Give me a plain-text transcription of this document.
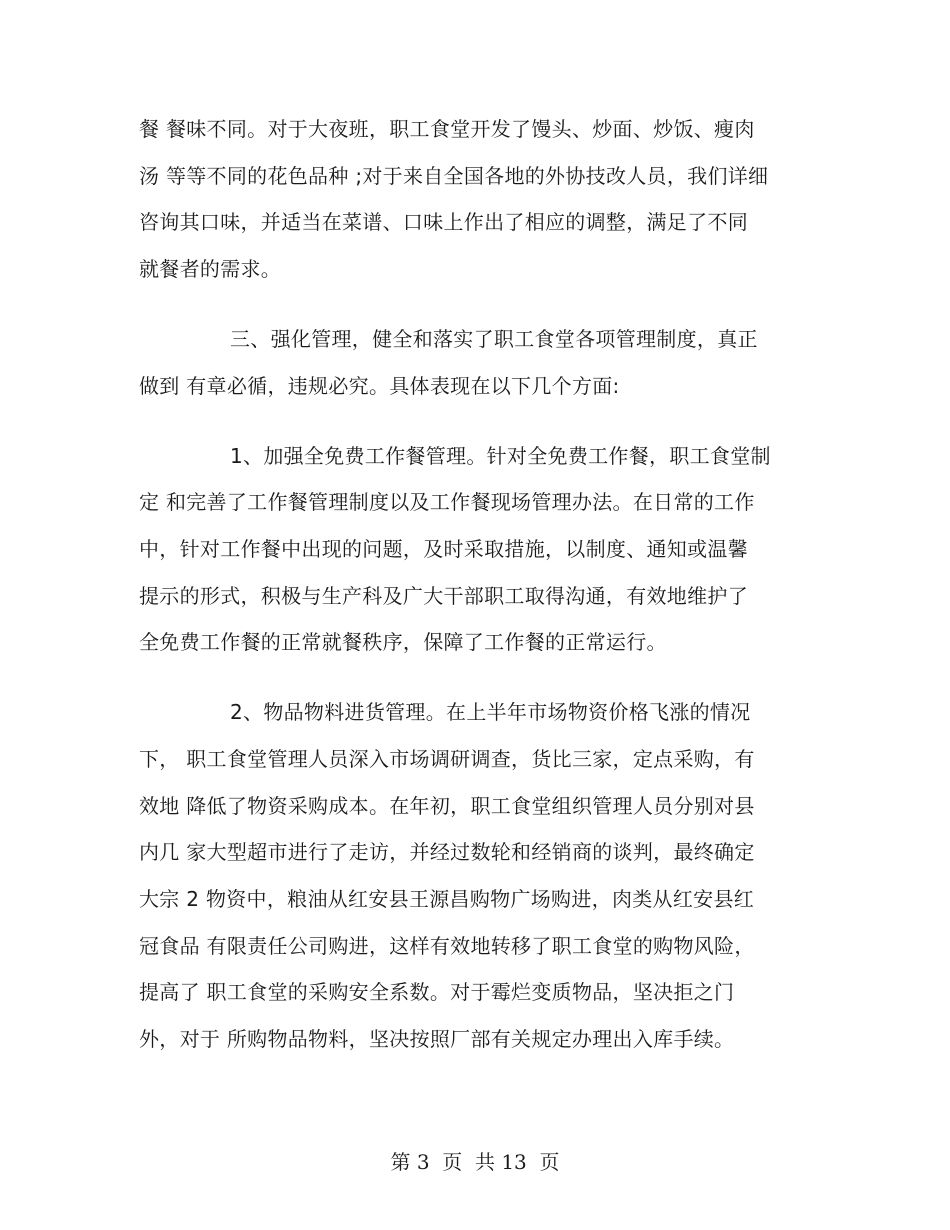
餐 餐味不同。对于大夜班，职工食堂开发了馒头、炒面、炒饭、瘦肉
汤 等等不同的花色品种 ;对于来自全国各地的外协技改人员，我们详细
咨询其口味，并适当在菜谱、口味上作出了相应的调整，满足了不同
就餐者的需求。
三、强化管理，健全和落实了职工食堂各项管理制度，真正
做到 有章必循，违规必究。具体表现在以下几个方面:
1、加强全免费工作餐管理。针对全免费工作餐，职工食堂制
定 和完善了工作餐管理制度以及工作餐现场管理办法。在日常的工作
中，针对工作餐中出现的问题，及时采取措施，以制度、通知或温馨
提示的形式，积极与生产科及广大干部职工取得沟通，有效地维护了
全免费工作餐的正常就餐秩序，保障了工作餐的正常运行。
2、物品物料进货管理。在上半年市场物资价格飞涨的情况
下， 职工食堂管理人员深入市场调研调查，货比三家，定点采购，有
效地 降低了物资采购成本。在年初，职工食堂组织管理人员分别对县
内几 家大型超市进行了走访，并经过数轮和经销商的谈判，最终确定
大宗 2 物资中，粮油从红安县王源昌购物广场购进，肉类从红安县红
冠食品 有限责任公司购进，这样有效地转移了职工食堂的购物风险，
提高了 职工食堂的采购安全系数。对于霉烂变质物品，坚决拒之门
外，对于 所购物品物料，坚决按照厂部有关规定办理出入库手续。
第 3  页  共 13  页
